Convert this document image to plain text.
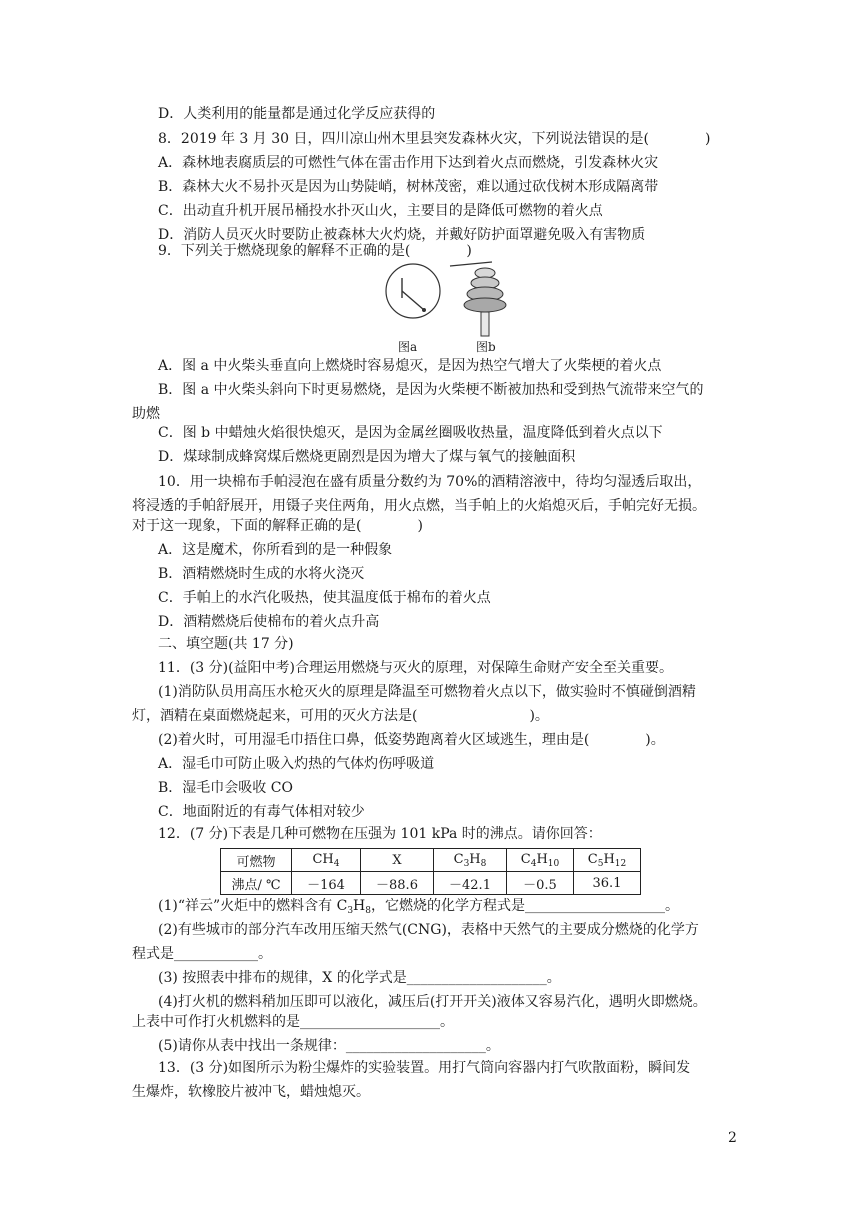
D．人类利用的能量都是通过化学反应获得的
8．2019 年 3 月 30 日，四川凉山州木里县突发森林火灾，下列说法错误的是(　　　　)
A．森林地表腐质层的可燃性气体在雷击作用下达到着火点而燃烧，引发森林火灾
B．森林大火不易扑灭是因为山势陡峭，树林茂密，难以通过砍伐树木形成隔离带
C．出动直升机开展吊桶投水扑灭山火，主要目的是降低可燃物的着火点
D．消防人员灭火时要防止被森林大火灼烧，并戴好防护面罩避免吸入有害物质
9．下列关于燃烧现象的解释不正确的是(　　　　)
图a	图b
A．图 a 中火柴头垂直向上燃烧时容易熄灭，是因为热空气增大了火柴梗的着火点
B．图 a 中火柴头斜向下时更易燃烧，是因为火柴梗不断被加热和受到热气流带来空气的
助燃
C．图 b 中蜡烛火焰很快熄灭，是因为金属丝圈吸收热量，温度降低到着火点以下
D．煤球制成蜂窝煤后燃烧更剧烈是因为增大了煤与氧气的接触面积
10．用一块棉布手帕浸泡在盛有质量分数约为 70%的酒精溶液中，待均匀湿透后取出，
将浸透的手帕舒展开，用镊子夹住两角，用火点燃，当手帕上的火焰熄灭后，手帕完好无损。
对于这一现象，下面的解释正确的是(　　　　)
A．这是魔术，你所看到的是一种假象
B．酒精燃烧时生成的水将火浇灭
C．手帕上的水汽化吸热，使其温度低于棉布的着火点
D．酒精燃烧后使棉布的着火点升高
二、填空题(共 17 分)
11．(3 分)(益阳中考)合理运用燃烧与灭火的原理，对保障生命财产安全至关重要。
(1)消防队员用高压水枪灭火的原理是降温至可燃物着火点以下，做实验时不慎碰倒酒精
灯，酒精在桌面燃烧起来，可用的灭火方法是(　　　　　　　　)。
(2)着火时，可用湿毛巾捂住口鼻，低姿势跑离着火区域逃生，理由是(　　　　)。
A．湿毛巾可防止吸入灼热的气体灼伤呼吸道
B．湿毛巾会吸收 CO
C．地面附近的有毒气体相对较少
12．(7 分)下表是几种可燃物在压强为 101 kPa 时的沸点。请你回答：
可燃物	$CH_4$	X	$C_3H_8$	$C_4H_{10}$	$C_5H_{12}$
沸点/ ℃	－164	－88.6	－42.1	－0.5	36.1
(1)“祥云”火炬中的燃料含有 $C_3H_8$，它燃烧的化学方程式是____________________。
(2)有些城市的部分汽车改用压缩天然气(CNG)，表格中天然气的主要成分燃烧的化学方
程式是____________。
(3) 按照表中排布的规律，X 的化学式是____________________。
(4)打火机的燃料稍加压即可以液化，减压后(打开开关)液体又容易汽化，遇明火即燃烧。
上表中可作打火机燃料的是____________________。
(5)请你从表中找出一条规律：____________________。
13．(3 分)如图所示为粉尘爆炸的实验装置。用打气筒向容器内打气吹散面粉，瞬间发
生爆炸，软橡胶片被冲飞，蜡烛熄灭。
2
